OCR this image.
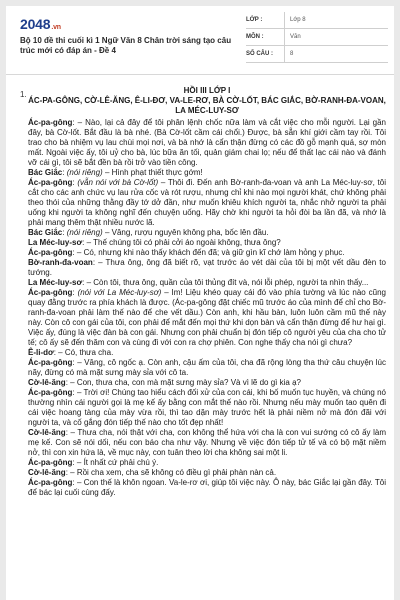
2048.vn
Bộ 10 đề thi cuối kì 1 Ngữ Văn 8 Chân trời sáng tạo câu trúc mới có đáp án - Đề 4
LỚP :	Lớp 8
MÔN :	Văn
SỐ CÂU :	8
1.	HỒI III LỚP I
ÁC-PA-GÔNG, CỜ-LÊ-ĂNG, Ê-LI-ĐƠ, VA-LE-RƠ, BÀ CỜ-LỐT, BÁC GIẮC, BỜ-RANH-ĐA-VOAN, LA MÉC-LUY-SƠ
Ác-pa-gông : – Nào, lại cả đây để tôi phân lệnh chốc nữa làm và cắt việc cho mỗi người. Lại gần đây, bà Cờ-lốt. Bắt đầu là bà nhé. (Bà Cờ-lốt cầm cái chổi.) Được, bà sẵn khí giới cầm tay rồi. Tôi trao cho bà nhiệm vụ lau chùi mọi nơi, và bà nhớ là cẩn thận đừng có các đồ gỗ mạnh quá, sợ mòn mất. Ngoài việc ấy, tôi uỷ cho bà, lúc bữa ăn tối, quản giám chai lọ; nếu để thất lạc cái nào và đánh vỡ cái gì, tôi sẽ bắt đền bà rồi trở vào tiền công.
Bác Giắc : (nói riêng) – Hình phạt thiết thực gớm!
Ác-pa-gông : (vẫn nói với bà Cờ-lốt) – Thôi đi. Đến anh Bờ-ranh-đa-voan và anh La Méc-luy-sơ, tôi cắt cho các anh chức vụ lau rửa cốc và rót rượu, nhưng chỉ khi nào mọi người khát, chứ không phải theo thói của những thằng đầy tớ dở đần, như muốn khiêu khích người ta, nhắc nhở người ta phải uống khi người ta không nghĩ đến chuyện uống. Hãy chờ khi người ta hỏi đòi ba lần đã, và nhớ là phải mang thêm thật nhiều nước lã.
Bác Giắc : (nói riêng) – Vâng, rượu nguyên không pha, bốc lên đầu.
La Méc-luy-sơ : – Thế chúng tôi có phải cởi áo ngoài không, thưa ông?
Ác-pa-gông : – Có, nhưng khi nào thấy khách đến đã; và giữ gìn kĩ chớ làm hỏng y phục.
Bờ-ranh-đa-voan : – Thưa ông, ông đã biết rõ, vạt trước áo vét dài của tôi bị một vết dầu đèn to tướng.
La Méc-luy-sơ : – Còn tôi, thưa ông, quần của tôi thủng đít và, nói lỗi phép, người ta nhìn thấy...
Ác-pa-gông : (nói với La Méc-luy-sơ) – Im! Liệu khéo quay cái đó vào phía tường và lúc nào cũng quay đằng trước ra phía khách là được. (Ác-pa-gông đặt chiếc mũ trước áo của mình để chỉ cho Bờ-ranh-đa-voan phải làm thế nào để che vết dầu.) Còn anh, khi hầu bàn, luôn luôn cầm mũ thế này này. Còn cô con gái của tôi, con phải để mắt đến mọi thứ khi dọn bàn và cẩn thận đừng để hư hại gì. Việc ấy, đúng là việc đàn bà con gái. Nhưng con phải chuẩn bị đón tiếp cô người yêu của cha cho tử tế; cô ấy sẽ đến thăm con và cùng đi với con ra chợ phiên. Con nghe thấy cha nói gì chưa?
Ê-li-dơ : – Có, thưa cha.
Ác-pa-gông : – Vâng, cô ngốc ạ. Còn anh, cậu ấm của tôi, cha đã rộng lòng tha thứ câu chuyện lúc nãy, đừng có mà mặt sưng mày sỉa với cô ta.
Cờ-lê-ăng : – Con, thưa cha, con mà mặt sưng mày sỉa? Và vì lẽ do gì kia ạ?
Ác-pa-gông : – Trời ơi! Chúng tao hiểu cách đối xử của con cái, khi bố muốn tục huyền, và chúng nó thường nhìn cái người gọi là mẹ kế ấy bằng con mắt thế nào rồi. Nhưng nếu mày muốn tao quên đi cái việc hoang tàng của mày vừa rồi, thì tao dặn mày trước hết là phải niềm nở mà đón đãi với người ta, và cố gắng đón tiếp thế nào cho tốt đẹp nhất!
Cờ-lê-ăng : – Thưa cha, nói thật với cha, con không thể hứa với cha là con vui sướng có cô ấy làm mẹ kế. Con sẽ nói dối, nếu con báo cha như vậy. Nhưng về việc đón tiếp tử tế và có bộ mặt niềm nở, thì con xin hứa là, về mục này, con tuân theo lời cha không sai một li.
Ác-pa-gông : – Ít nhất cứ phải chú ý.
Cờ-lê-ăng : – Rồi cha xem, cha sẽ không có điều gì phải phàn nàn cả.
Ác-pa-gông : – Con thế là khôn ngoan. Va-le-rơ ơi, giúp tôi việc này. Ô này, bác Giắc lại gần đây. Tôi để bác lại cuối cùng đấy.
